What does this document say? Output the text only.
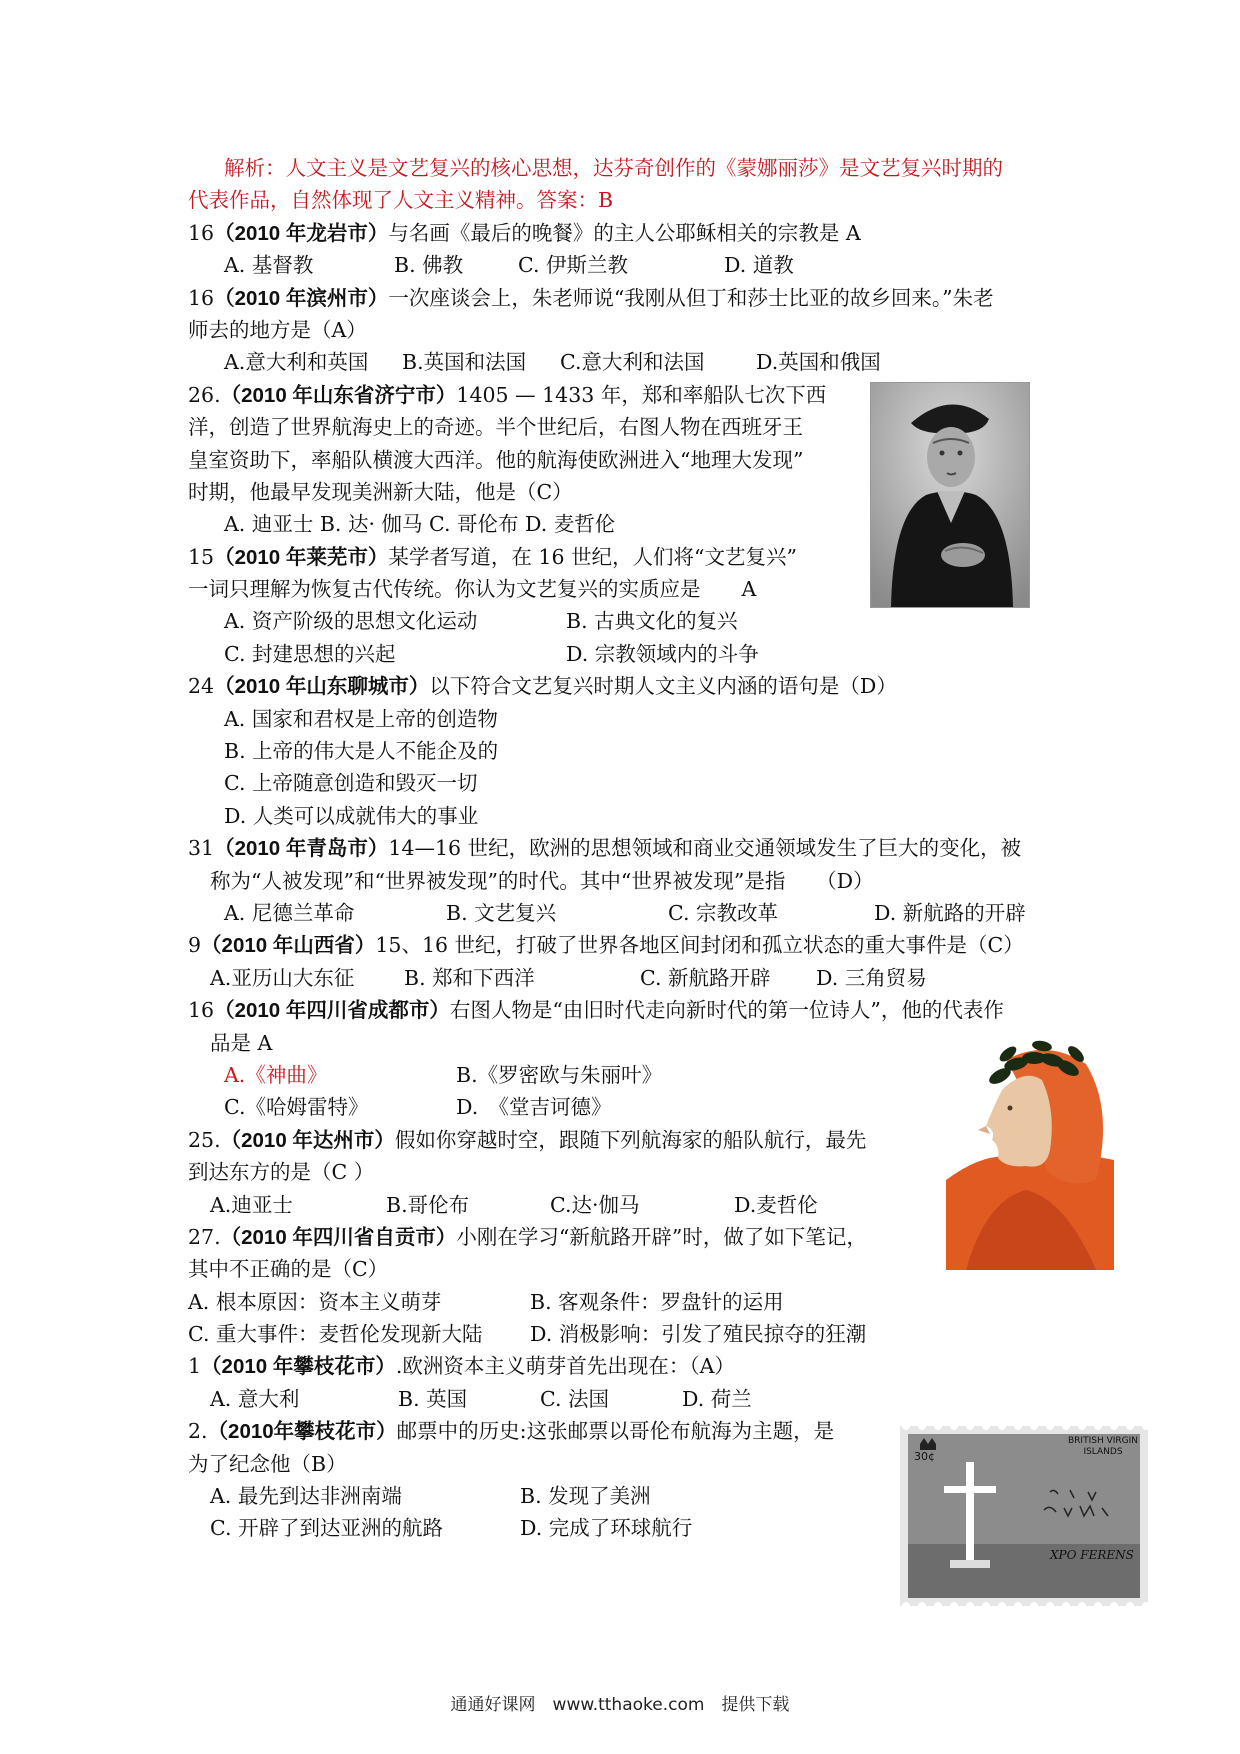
解析：人文主义是文艺复兴的核心思想，达芬奇创作的《蒙娜丽莎》是文艺复兴时期的
代表作品，自然体现了人文主义精神。答案：B
16（2010 年龙岩市）与名画《最后的晚餐》的主人公耶稣相关的宗教是 A
A. 基督教	B. 佛教	C. 伊斯兰教	D. 道教
16（2010 年滨州市）一次座谈会上，朱老师说“我刚从但丁和莎士比亚的故乡回来。”朱老
师去的地方是（A）
A.意大利和英国	B.英国和法国	C.意大利和法国	D.英国和俄国
26.（2010 年山东省济宁市）1405 — 1433 年，郑和率船队七次下西
洋，创造了世界航海史上的奇迹。半个世纪后，右图人物在西班牙王
皇室资助下，率船队横渡大西洋。他的航海使欧洲进入“地理大发现”
时期，他最早发现美洲新大陆，他是（C）
A. 迪亚士 B. 达· 伽马 C. 哥伦布 D. 麦哲伦
15（2010 年莱芜市）某学者写道，在 16 世纪，人们将“文艺复兴”
一词只理解为恢复古代传统。你认为文艺复兴的实质应是　　A
A. 资产阶级的思想文化运动	B. 古典文化的复兴
C. 封建思想的兴起	D. 宗教领域内的斗争
24（2010 年山东聊城市）以下符合文艺复兴时期人文主义内涵的语句是（D）
A. 国家和君权是上帝的创造物
B. 上帝的伟大是人不能企及的
C. 上帝随意创造和毁灭一切
D. 人类可以成就伟大的事业
31（2010 年青岛市）14—16 世纪，欧洲的思想领域和商业交通领域发生了巨大的变化，被
称为“人被发现”和“世界被发现”的时代。其中“世界被发现”是指　　（D）
A. 尼德兰革命	B. 文艺复兴	C. 宗教改革	D. 新航路的开辟
9（2010 年山西省）15、16 世纪，打破了世界各地区间封闭和孤立状态的重大事件是（C）
A.亚历山大东征	B. 郑和下西洋	C. 新航路开辟	D. 三角贸易
16（2010 年四川省成都市）右图人物是“由旧时代走向新时代的第一位诗人”，他的代表作
品是 A
A.《神曲》	B.《罗密欧与朱丽叶》
C.《哈姆雷特》	D.　《堂吉诃德》
25.（2010 年达州市）假如你穿越时空，跟随下列航海家的船队航行，最先
到达东方的是（C ）
A.迪亚士	B.哥伦布	C.达·伽马	D.麦哲伦
27.（2010 年四川省自贡市）小刚在学习“新航路开辟”时，做了如下笔记，
其中不正确的是（C）
A. 根本原因：资本主义萌芽	B. 客观条件：罗盘针的运用
C. 重大事件：麦哲伦发现新大陆	D. 消极影响：引发了殖民掠夺的狂潮
1（2010 年攀枝花市）.欧洲资本主义萌芽首先出现在：（A）
A. 意大利	B. 英国	C. 法国	D. 荷兰
2.（2010年攀枝花市）邮票中的历史:这张邮票以哥伦布航海为主题，是
为了纪念他（B）
A. 最先到达非洲南端	B. 发现了美洲
C. 开辟了到达亚洲的航路	D. 完成了环球航行
30¢
BRITISH VIRGIN ISLANDS
XPO FERENS
通通好课网　www.tthaoke.com　提供下载
